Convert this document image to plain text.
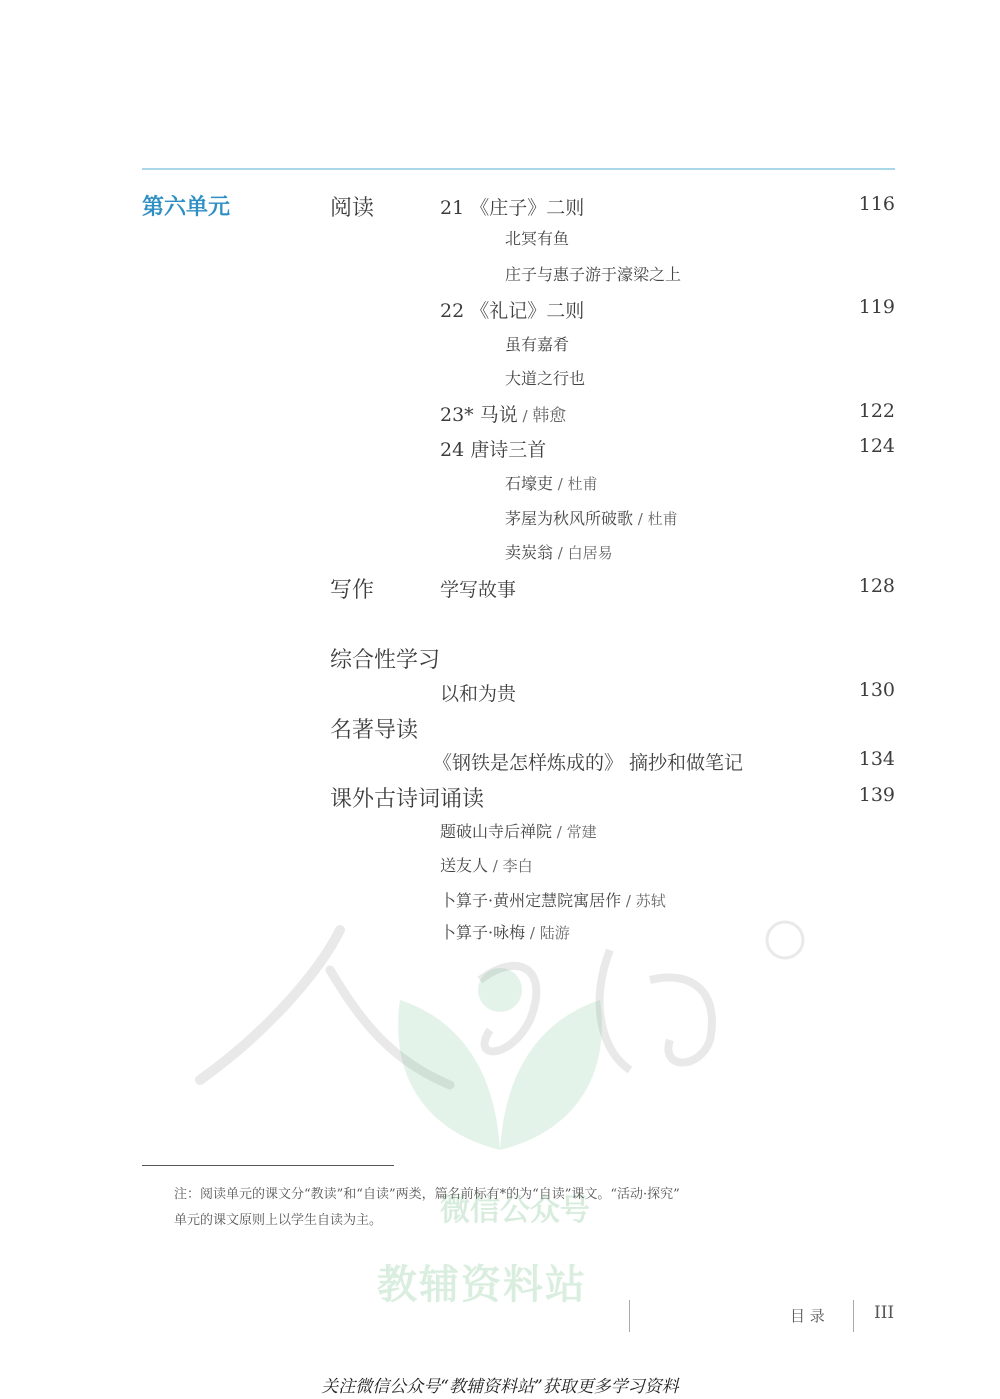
第六单元	阅读	21 《庄子》二则	116
北冥有鱼
庄子与惠子游于濠梁之上
22 《礼记》二则	119
虽有嘉肴
大道之行也
23* 马说 / 韩愈	122
24 唐诗三首	124
石壕吏 / 杜甫
茅屋为秋风所破歌 / 杜甫
卖炭翁 / 白居易
写作	学写故事	128
综合性学习
以和为贵	130
名著导读
《钢铁是怎样炼成的》 摘抄和做笔记	134
课外古诗词诵读	139
题破山寺后禅院 / 常建
送友人 / 李白
卜算子·黄州定慧院寓居作 / 苏轼
卜算子·咏梅 / 陆游
微信公众号
教辅资料站
注：阅读单元的课文分“教读”和“自读”两类，篇名前标有*的为“自读”课文。“活动·探究”
单元的课文原则上以学生自读为主。
目 录	III
关注微信公众号“教辅资料站”获取更多学习资料
